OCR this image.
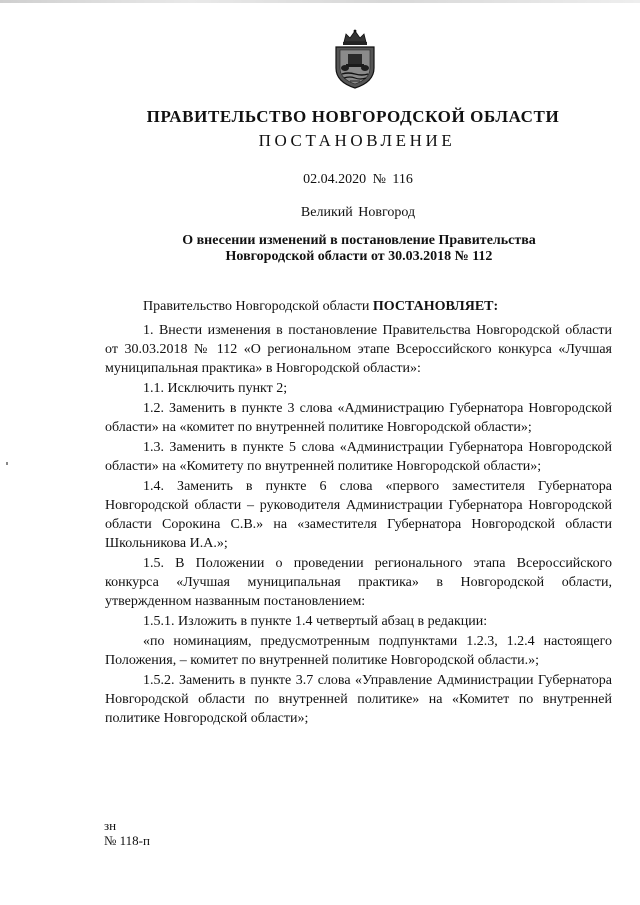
ПРАВИТЕЛЬСТВО НОВГОРОДСКОЙ ОБЛАСТИ
ПОСТАНОВЛЕНИЕ
02.04.2020 № 116
Великий Новгород
О внесении изменений в постановление Правительства
Новгородской области от 30.03.2018 № 112

Правительство Новгородской области ПОСТАНОВЛЯЕТ:

1. Внести изменения в постановление Правительства Новгородской области от 30.03.2018 № 112 «О региональном этапе Всероссийского конкурса «Лучшая муниципальная практика» в Новгородской области»:

1.1. Исключить пункт 2;

1.2. Заменить в пункте 3 слова «Администрацию Губернатора Новгородской области» на «комитет по внутренней политике Новгородской области»;

1.3. Заменить в пункте 5 слова «Администрации Губернатора Новгородской области» на «Комитету по внутренней политике Новгородской области»;

1.4. Заменить в пункте 6 слова «первого заместителя Губернатора Новгородской области – руководителя Администрации Губернатора Новгородской области Сорокина С.В.» на «заместителя Губернатора Новгородской области Школьникова И.А.»;

1.5. В Положении о проведении регионального этапа Всероссийского конкурса «Лучшая муниципальная практика» в Новгородской области, утвержденном названным постановлением:

1.5.1. Изложить в пункте 1.4 четвертый абзац в редакции:

«по номинациям, предусмотренным подпунктами 1.2.3, 1.2.4 настоящего Положения, – комитет по внутренней политике Новгородской области.»;

1.5.2. Заменить в пункте 3.7 слова «Управление Администрации Губернатора Новгородской области по внутренней политике» на «Комитет по внутренней политике Новгородской области»;

зн
№ 118-п
